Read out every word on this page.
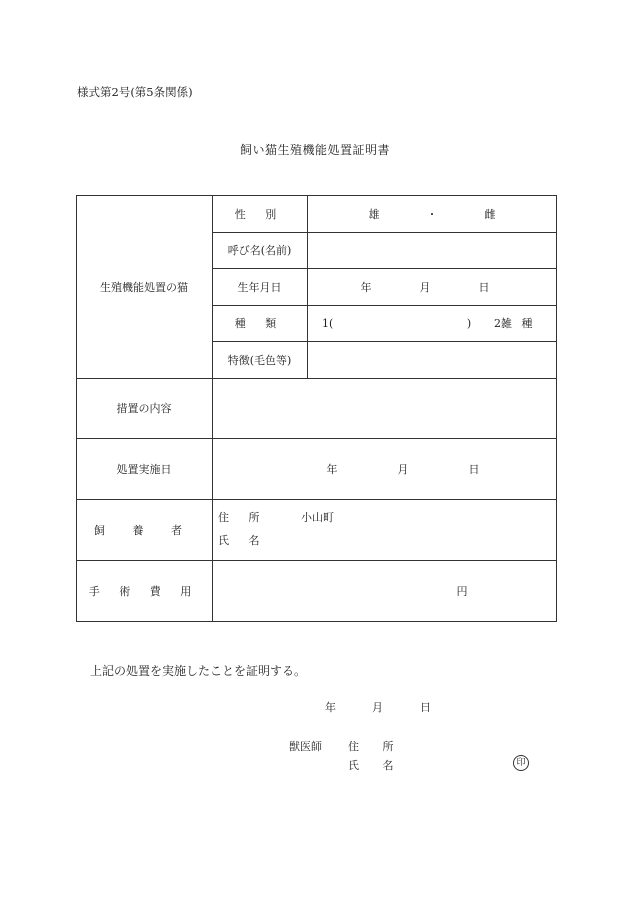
様式第2号(第5条関係)
飼い猫生殖機能処置証明書
生殖機能処置の猫
性 別	雄	・	雌
呼び名(名前)
生年月日	年	月	日
種 類	1(	) 2雑 種
特徴(毛色等)
措置の内容
処置実施日	年	月	日
飼 養 者
住 所	小山町
氏 名
手 術 費 用	円
上記の処置を実施したことを証明する。
年	月	日
獣医師 住 所
氏 名	印
